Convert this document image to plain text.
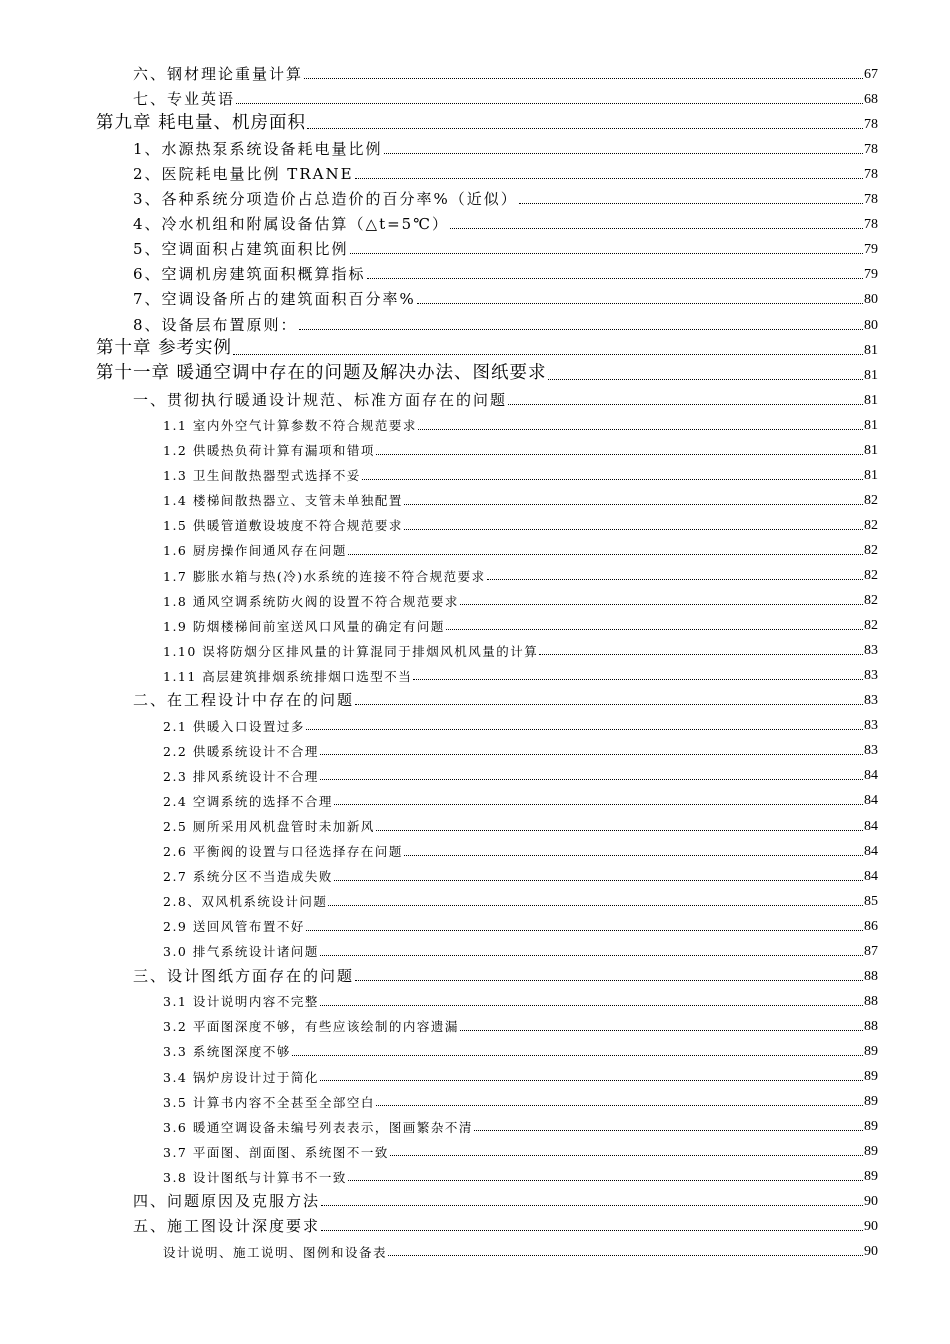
六、钢材理论重量计算	67
七、专业英语	68
第九章 耗电量、机房面积	78
1、水源热泵系统设备耗电量比例	78
2、医院耗电量比例 TRANE	78
3、各种系统分项造价占总造价的百分率%（近似）	78
4、冷水机组和附属设备估算（△t=5℃）	78
5、空调面积占建筑面积比例	79
6、空调机房建筑面积概算指标	79
7、空调设备所占的建筑面积百分率%	80
8、设备层布置原则：	80
第十章 参考实例	81
第十一章 暖通空调中存在的问题及解决办法、图纸要求	81
一、贯彻执行暖通设计规范、标准方面存在的问题	81
1.1 室内外空气计算参数不符合规范要求	81
1.2 供暖热负荷计算有漏项和错项	81
1.3 卫生间散热器型式选择不妥	81
1.4 楼梯间散热器立、支管未单独配置	82
1.5 供暖管道敷设坡度不符合规范要求	82
1.6 厨房操作间通风存在问题	82
1.7 膨胀水箱与热(冷)水系统的连接不符合规范要求	82
1.8 通风空调系统防火阀的设置不符合规范要求	82
1.9 防烟楼梯间前室送风口风量的确定有问题	82
1.10 误将防烟分区排风量的计算混同于排烟风机风量的计算	83
1.11 高层建筑排烟系统排烟口选型不当	83
二、在工程设计中存在的问题	83
2.1 供暖入口设置过多	83
2.2 供暖系统设计不合理	83
2.3 排风系统设计不合理	84
2.4 空调系统的选择不合理	84
2.5 厕所采用风机盘管时未加新风	84
2.6 平衡阀的设置与口径选择存在问题	84
2.7 系统分区不当造成失败	84
2.8、双风机系统设计问题	85
2.9 送回风管布置不好	86
3.0 排气系统设计诸问题	87
三、设计图纸方面存在的问题	88
3.1 设计说明内容不完整	88
3.2 平面图深度不够，有些应该绘制的内容遗漏	88
3.3 系统图深度不够	89
3.4 锅炉房设计过于简化	89
3.5 计算书内容不全甚至全部空白	89
3.6 暖通空调设备未编号列表表示，图画繁杂不清	89
3.7 平面图、剖面图、系统图不一致	89
3.8 设计图纸与计算书不一致	89
四、问题原因及克服方法	90
五、施工图设计深度要求	90
设计说明、施工说明、图例和设备表	90
